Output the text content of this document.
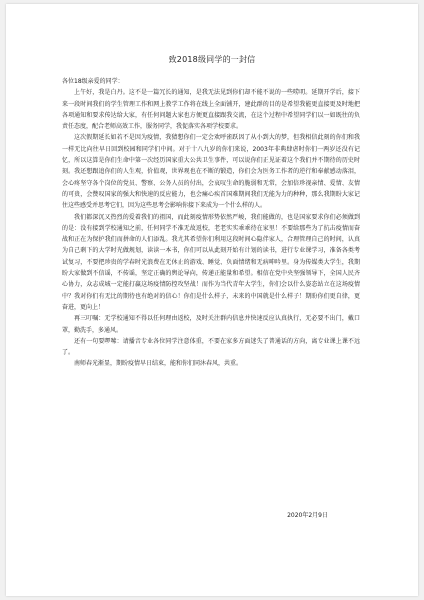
致2018级同学的一封信

各位18级亲爱的同学：

上午好，我是白丹。这不是一篇冗长的通知，是我无法见到你们却不能不说的一些唠叨。延期开学后，接下来一段时间我们的学生管理工作和网上教学工作将在线上全面铺开，建此群的目的是希望我能更直接更及时地把各项通知和要求传达给大家，有任何问题大家也方便更直接跟我交流，在这个过程中希望同学们以一如既往的负责任态度，配合老师高效工作，服务同学，我促落实各项学校要求。

这次假期延长如若不是因为疫情，我猜想你们一定会欢呼雀跃因了从小到大的梦，但我相信此刻的你们和我一样无比向往早日回到校园和同学们中间。对于十八九岁的你们来说，2003年非典肆虐时你们一两岁还没有记忆，所以这算是你们生命中第一次经历国家重大公共卫生事件，可以说你们正见证着这个我们并不期待的历史时刻。我还想跟追你们的人生观，价值观，世界观也在不断的锻造，你们会为医务工作者的逆行和奉献感动落泪，会心疼坚守各个岗位的党员、警察、公务人员的付出，会哀叹生命的脆弱和无常，会加倍珍视亲情、爱情、友情的可贵，会赞叹国家的强大和快速的反应能力，也会痛心疾首国难期间我们无能为力的种种，那么我期盼大家记住这些感受并思考它们，因为这些思考会影响你接下来成为一个什么样的人。

我们都深沉又热烈的爱着我们的祖国，而此刻疫情形势依然严峻，我们能做的，也是国家要求你们必须做到的是：没有接到学校通知之前，任何同学不准无故返校，老老实实乖乖待在家里！不要给那些为了抗击疫情而奋战和正在为保护我们而拼命的人们添乱。我尤其希望你们利用这段时间心隐伴家人，合理管理自己的时间，认真为自己剩下的大学时光做规划，读读一本书，你们可以从此刻开始有计划的读书，进行专业课学习，准备各类考试复习，不要把珍贵的学春时光浪费在无休止的游戏、睡觉、负面情绪和无病呻吟里。身为传媒类大学生，我期盼大家做到不信谣，不传谣，坚定正确的舆论导向，传递正能量和希望。相信在党中央坚强领导下，全国人民齐心协力，众志成城一定能打赢这场疫情防控攻坚战！而作为当代青年大学生，你们会以什么姿态站立在这场疫情中？我对你们有无比的期待也有绝对的信心！你们是什么样子，未来的中国就是什么样子！期盼你们更自律，更奋进，更向上！

再三叮嘱：无学校通知不得以任何理由返校，及时关注群内信息并快速反应认真执行，无必要不出门，戴口罩，勤洗手，多通风。

还有一句要啰嗦：请播音专业各位同学注意体重，不要在家多方面迷失了普通话的方向，离专业课上课不远了。

南师春光渐显，期盼疫情早日结束，能和你们同沐春风，共重。

2020年2月9日
